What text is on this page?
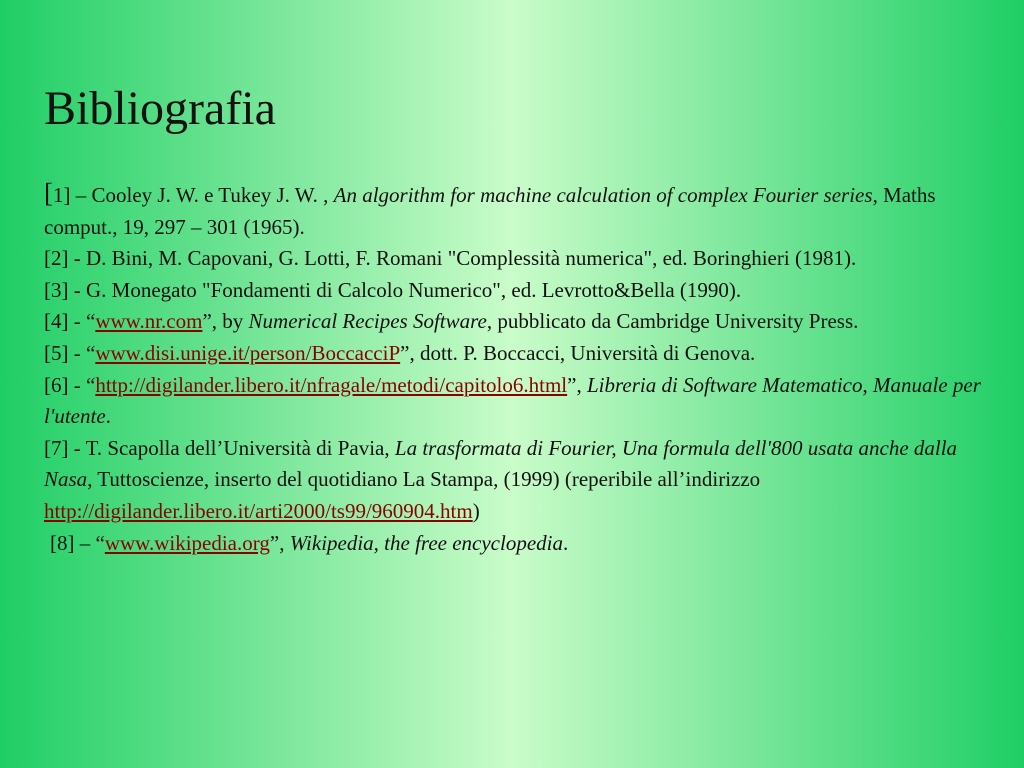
Bibliografia

[1] – Cooley J. W. e Tukey J. W. , An algorithm for machine calculation of complex Fourier series, Maths comput., 19, 297 – 301 (1965).

[2] - D. Bini, M. Capovani, G. Lotti, F. Romani "Complessità numerica", ed. Boringhieri (1981).

[3] - G. Monegato "Fondamenti di Calcolo Numerico", ed. Levrotto&Bella (1990).

[4] - “www.nr.com”, by Numerical Recipes Software, pubblicato da Cambridge University Press.

[5] - “www.disi.unige.it/person/BoccacciP”, dott. P. Boccacci, Università di Genova.

[6] - “http://digilander.libero.it/nfragale/metodi/capitolo6.html”, Libreria di Software Matematico, Manuale per l'utente.

[7] - T. Scapolla dell’Università di Pavia, La trasformata di Fourier, Una formula dell'800 usata anche dalla Nasa, Tuttoscienze, inserto del quotidiano La Stampa, (1999) (reperibile all’indirizzo http://digilander.libero.it/arti2000/ts99/960904.htm)

[8] – “www.wikipedia.org”, Wikipedia, the free encyclopedia.
